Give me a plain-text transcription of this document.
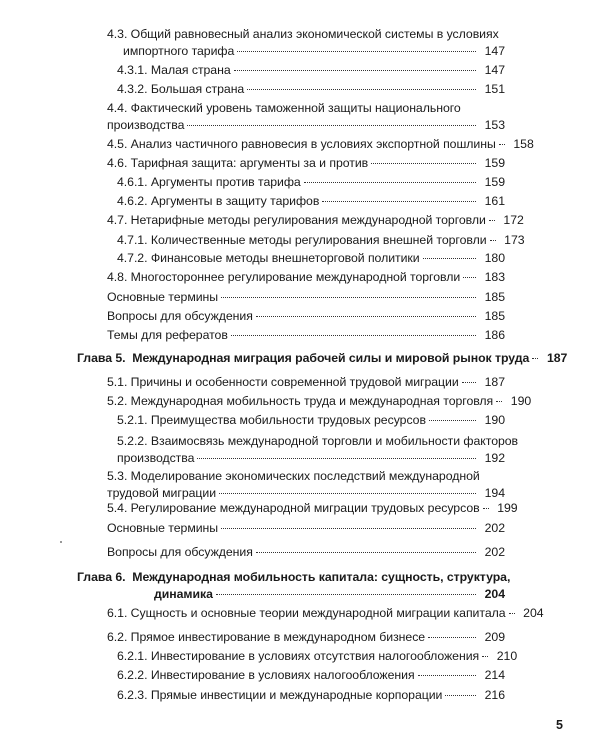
4.3. Общий равновесный анализ экономической системы в условиях
импортного тарифа	147
4.3.1. Малая страна	147
4.3.2. Большая страна	151
4.4. Фактический уровень таможенной защиты национального
производства	153
4.5. Анализ частичного равновесия в условиях экспортной пошлины	158
4.6. Тарифная защита: аргументы за и против	159
4.6.1. Аргументы против тарифа	159
4.6.2. Аргументы в защиту тарифов	161
4.7. Нетарифные методы регулирования международной торговли	172
4.7.1. Количественные методы регулирования внешней торговли	173
4.7.2. Финансовые методы внешнеторговой политики	180
4.8. Многостороннее регулирование международной торговли	183
Основные термины	185
Вопросы для обсуждения	185
Темы для рефератов	186
Глава 5.  Международная миграция рабочей силы и мировой рынок труда	187
5.1. Причины и особенности современной трудовой миграции	187
5.2. Международная мобильность труда и международная торговля	190
5.2.1. Преимущества мобильности трудовых ресурсов	190
5.2.2. Взаимосвязь международной торговли и мобильности факторов
производства	192
5.3. Моделирование экономических последствий международной
трудовой миграции	194
5.4. Регулирование международной миграции трудовых ресурсов	199
Основные термины	202
Вопросы для обсуждения	202
Глава 6.  Международная мобильность капитала: сущность, структура,
динамика	204
6.1. Сущность и основные теории международной миграции капитала	204
6.2. Прямое инвестирование в международном бизнесе	209
6.2.1. Инвестирование в условиях отсутствия налогообложения	210
6.2.2. Инвестирование в условиях налогообложения	214
6.2.3. Прямые инвестиции и международные корпорации	216
5
